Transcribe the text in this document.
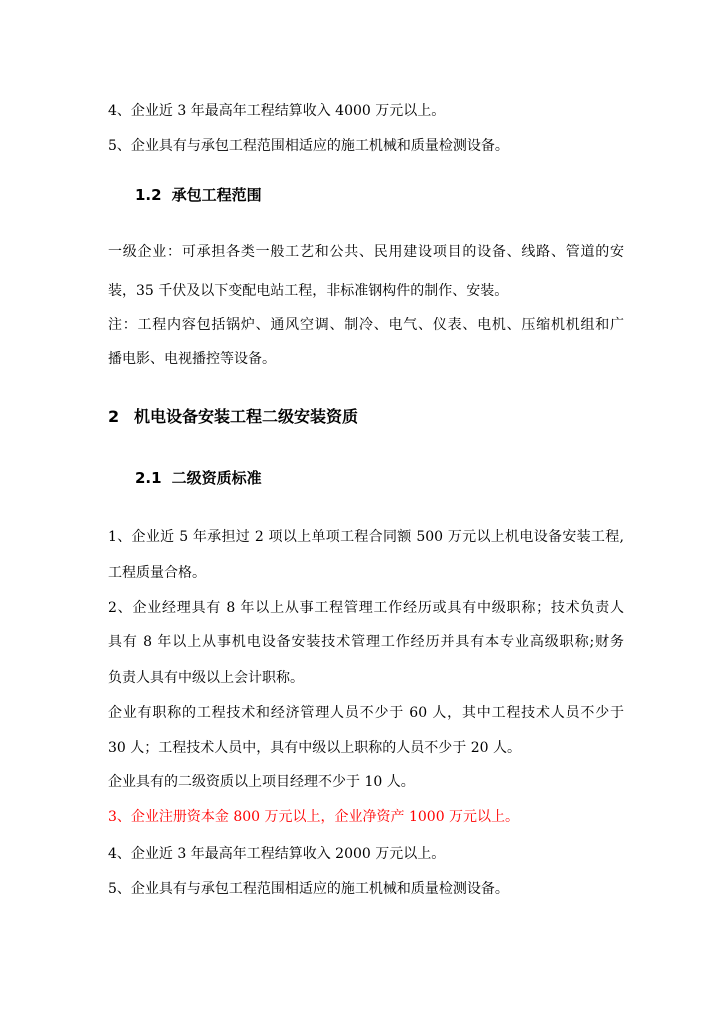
4、企业近 3 年最高年工程结算收入 4000 万元以上。
5、企业具有与承包工程范围相适应的施工机械和质量检测设备。
1.2 承包工程范围
一级企业：可承担各类一般工艺和公共、民用建设项目的设备、线路、管道的安
装，35 千伏及以下变配电站工程，非标准钢构件的制作、安装。
注：工程内容包括锅炉、通风空调、制冷、电气、仪表、电机、压缩机机组和广
播电影、电视播控等设备。
2 机电设备安装工程二级安装资质
2.1 二级资质标准
1、企业近 5 年承担过 2 项以上单项工程合同额 500 万元以上机电设备安装工程,
工程质量合格。
2、企业经理具有 8 年以上从事工程管理工作经历或具有中级职称；技术负责人
具有 8 年以上从事机电设备安装技术管理工作经历并具有本专业高级职称;财务
负责人具有中级以上会计职称。
企业有职称的工程技术和经济管理人员不少于 60 人，其中工程技术人员不少于
30 人；工程技术人员中，具有中级以上职称的人员不少于 20 人。
企业具有的二级资质以上项目经理不少于 10 人。
3、企业注册资本金 800 万元以上，企业净资产 1000 万元以上。
4、企业近 3 年最高年工程结算收入 2000 万元以上。
5、企业具有与承包工程范围相适应的施工机械和质量检测设备。
